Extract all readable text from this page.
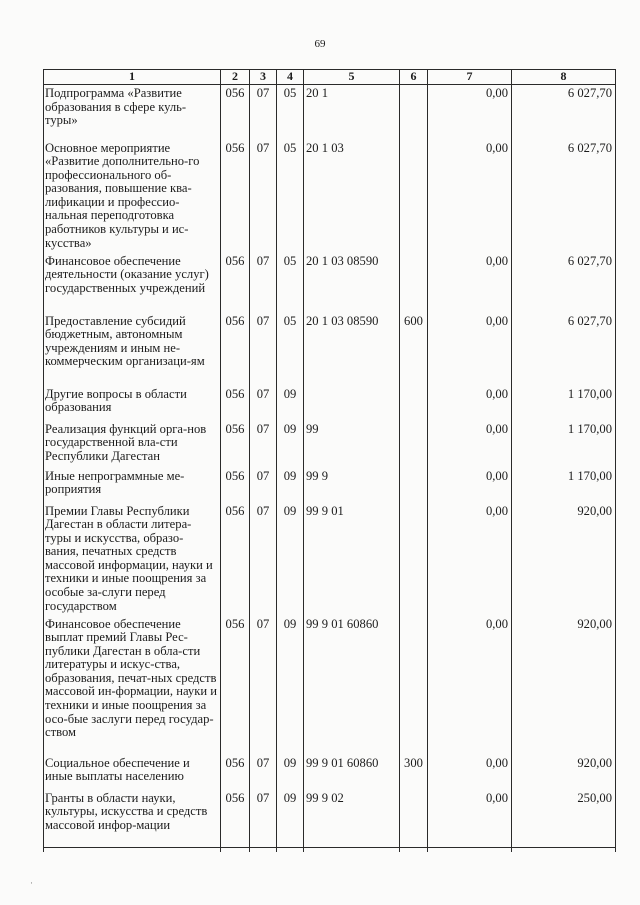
69
1	2	3	4	5	6	7	8
Подпрограмма «Развитие образования в сфере куль-туры»	056	07	05	20 1		0,00	6 027,70
Основное мероприятие «Развитие дополнительно-го профессионального об-разования, повышение ква-лификации и профессио-нальная переподготовка работников культуры и ис-кусства»	056	07	05	20 1 03		0,00	6 027,70
Финансовое обеспечение деятельности (оказание услуг) государственных учреждений	056	07	05	20 1 03 08590		0,00	6 027,70
Предоставление субсидий бюджетным, автономным учреждениям и иным не-коммерческим организаци-ям	056	07	05	20 1 03 08590	600	0,00	6 027,70
Другие вопросы в области образования	056	07	09			0,00	1 170,00
Реализация функций орга-нов государственной вла-сти Республики Дагестан	056	07	09	99		0,00	1 170,00
Иные непрограммные ме-роприятия	056	07	09	99 9		0,00	1 170,00
Премии Главы Республики Дагестан в области литера-туры и искусства, образо-вания, печатных средств массовой информации, науки и техники и иные поощрения за особые за-слуги перед государством	056	07	09	99 9 01		0,00	920,00
Финансовое обеспечение выплат премий Главы Рес-публики Дагестан в обла-сти литературы и искус-ства, образования, печат-ных средств массовой ин-формации, науки и техники и иные поощрения за осо-бые заслуги перед государ-ством	056	07	09	99 9 01 60860		0,00	920,00
Социальное обеспечение и иные выплаты населению	056	07	09	99 9 01 60860	300	0,00	920,00
Гранты в области науки, культуры, искусства и средств массовой инфор-мации	056	07	09	99 9 02		0,00	250,00
·
